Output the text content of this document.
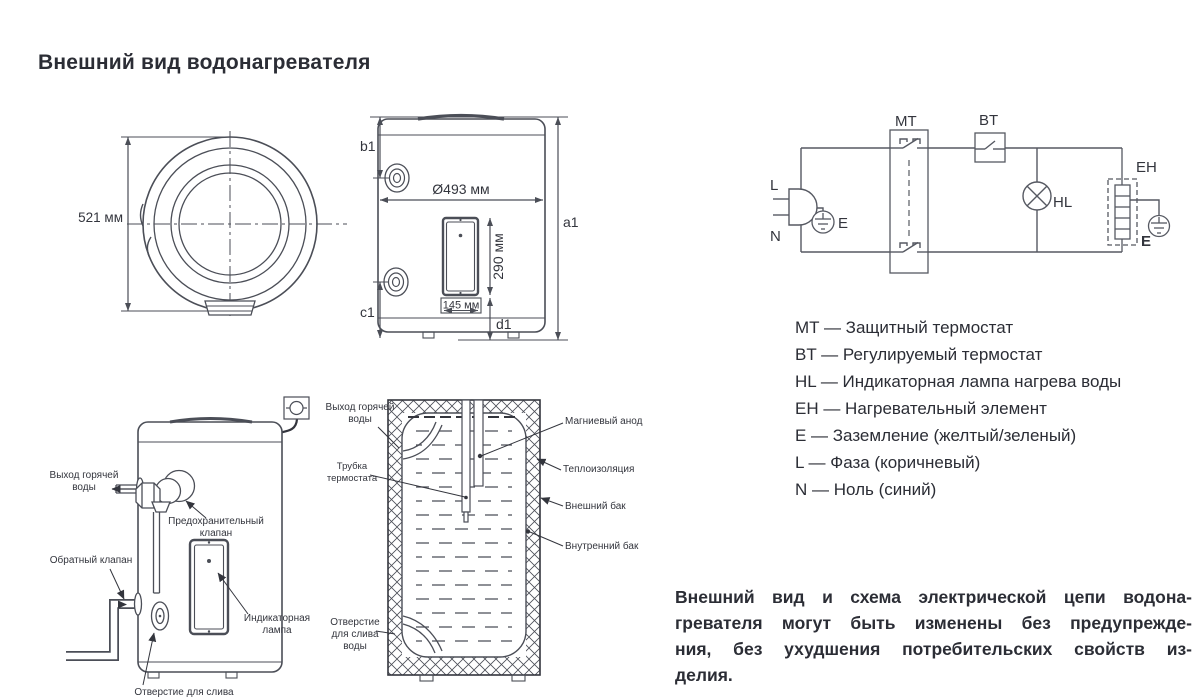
Внешний вид водонагревателя
521 мм
b1
Ø493 мм
a1
290 мм
145 мм
c1
d1
MT	BT
EH
HL
L
N
E
E
MT — Защитный термостат
BT — Регулируемый термостат
HL — Индикаторная лампа нагрева воды
EH — Нагревательный элемент
E — Заземление (желтый/зеленый)
L — Фаза (коричневый)
N — Ноль (синий)
Выход горячей воды
Предохранительный клапан
Обратный клапан
Индикаторная лампа
Отверстие для слива
Выход горячей воды
Трубка термостата
Магниевый анод
Теплоизоляция
Внешний бак
Внутренний бак
Отверстие для слива воды
Внешний вид и схема электрической цепи водона-
гревателя могут быть изменены без предупрежде-
ния, без ухудшения потребительских свойств из-
делия.
